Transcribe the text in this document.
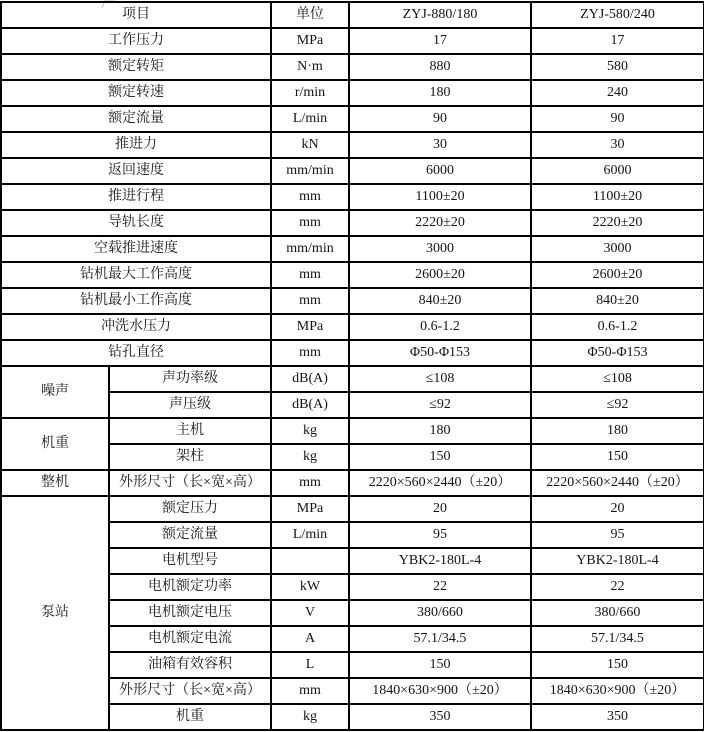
项目		单位	ZYJ-880/180	ZYJ-580/240
工作压力		MPa	17	17
额定转矩		N·m	880	580
额定转速		r/min	180	240
额定流量		L/min	90	90
推进力		kN	30	30
返回速度		mm/min	6000	6000
推进行程		mm	1100±20	1100±20
导轨长度		mm	2220±20	2220±20
空载推进速度		mm/min	3000	3000
钻机最大工作高度		mm	2600±20	2600±20
钻机最小工作高度		mm	840±20	840±20
冲洗水压力		MPa	0.6-1.2	0.6-1.2
钻孔直径		mm	Φ50-Φ153	Φ50-Φ153
噪声	声功率级	dB(A)	≤108	≤108
	声压级	dB(A)	≤92	≤92
机重	主机	kg	180	180
	架柱	kg	150	150
整机	外形尺寸（长×宽×高）	mm	2220×560×2440（±20）	2220×560×2440（±20）
泵站	额定压力	MPa	20	20
	额定流量	L/min	95	95
	电机型号		YBK2-180L-4	YBK2-180L-4
	电机额定功率	kW	22	22
	电机额定电压	V	380/660	380/660
	电机额定电流	A	57.1/34.5	57.1/34.5
	油箱有效容积	L	150	150
	外形尺寸（长×宽×高）	mm	1840×630×900（±20）	1840×630×900（±20）
	机重	kg	350	350
